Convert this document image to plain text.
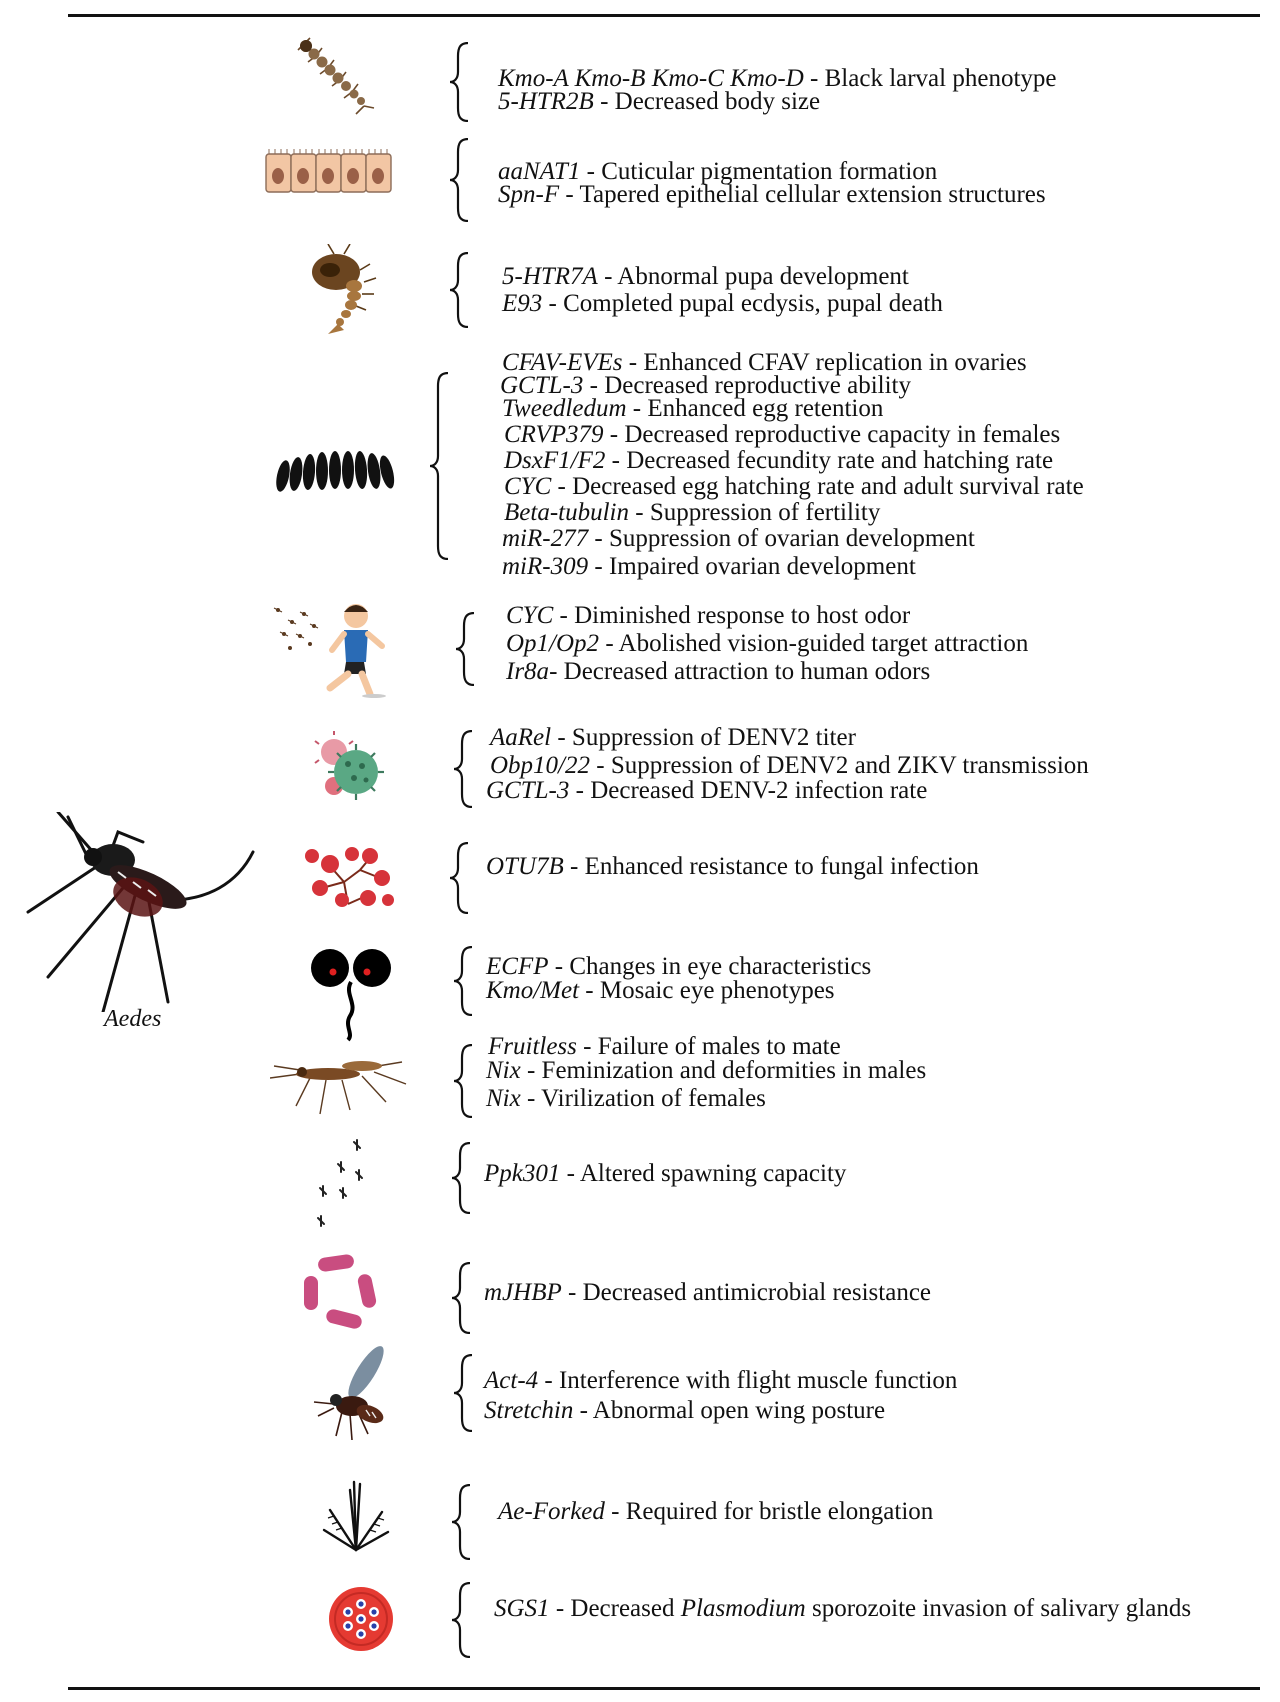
Aedes
Kmo-A Kmo-B Kmo-C Kmo-D - Black larval phenotype
5-HTR2B - Decreased body size
aaNAT1 - Cuticular pigmentation formation
Spn-F - Tapered epithelial cellular extension structures
5-HTR7A - Abnormal pupa development
E93 - Completed pupal ecdysis, pupal death
CFAV-EVEs - Enhanced CFAV replication in ovaries
GCTL-3 - Decreased reproductive ability
Tweedledum - Enhanced egg retention
CRVP379 - Decreased reproductive capacity in females
DsxF1/F2 - Decreased fecundity rate and hatching rate
CYC - Decreased egg hatching rate and adult survival rate
Beta-tubulin - Suppression of fertility
miR-277 - Suppression of ovarian development
miR-309 - Impaired ovarian development
CYC - Diminished response to host odor
Op1/Op2 - Abolished vision-guided target attraction
Ir8a- Decreased attraction to human odors
AaRel - Suppression of DENV2 titer
Obp10/22 - Suppression of DENV2 and ZIKV transmission
GCTL-3 - Decreased DENV-2 infection rate
OTU7B - Enhanced resistance to fungal infection
ECFP - Changes in eye characteristics
Kmo/Met - Mosaic eye phenotypes
Fruitless - Failure of males to mate
Nix - Feminization and deformities in males
Nix - Virilization of females
Ppk301 - Altered spawning capacity
mJHBP - Decreased antimicrobial resistance
Act-4 - Interference with flight muscle function
Stretchin - Abnormal open wing posture
Ae-Forked - Required for bristle elongation
SGS1 - Decreased Plasmodium sporozoite invasion of salivary glands
